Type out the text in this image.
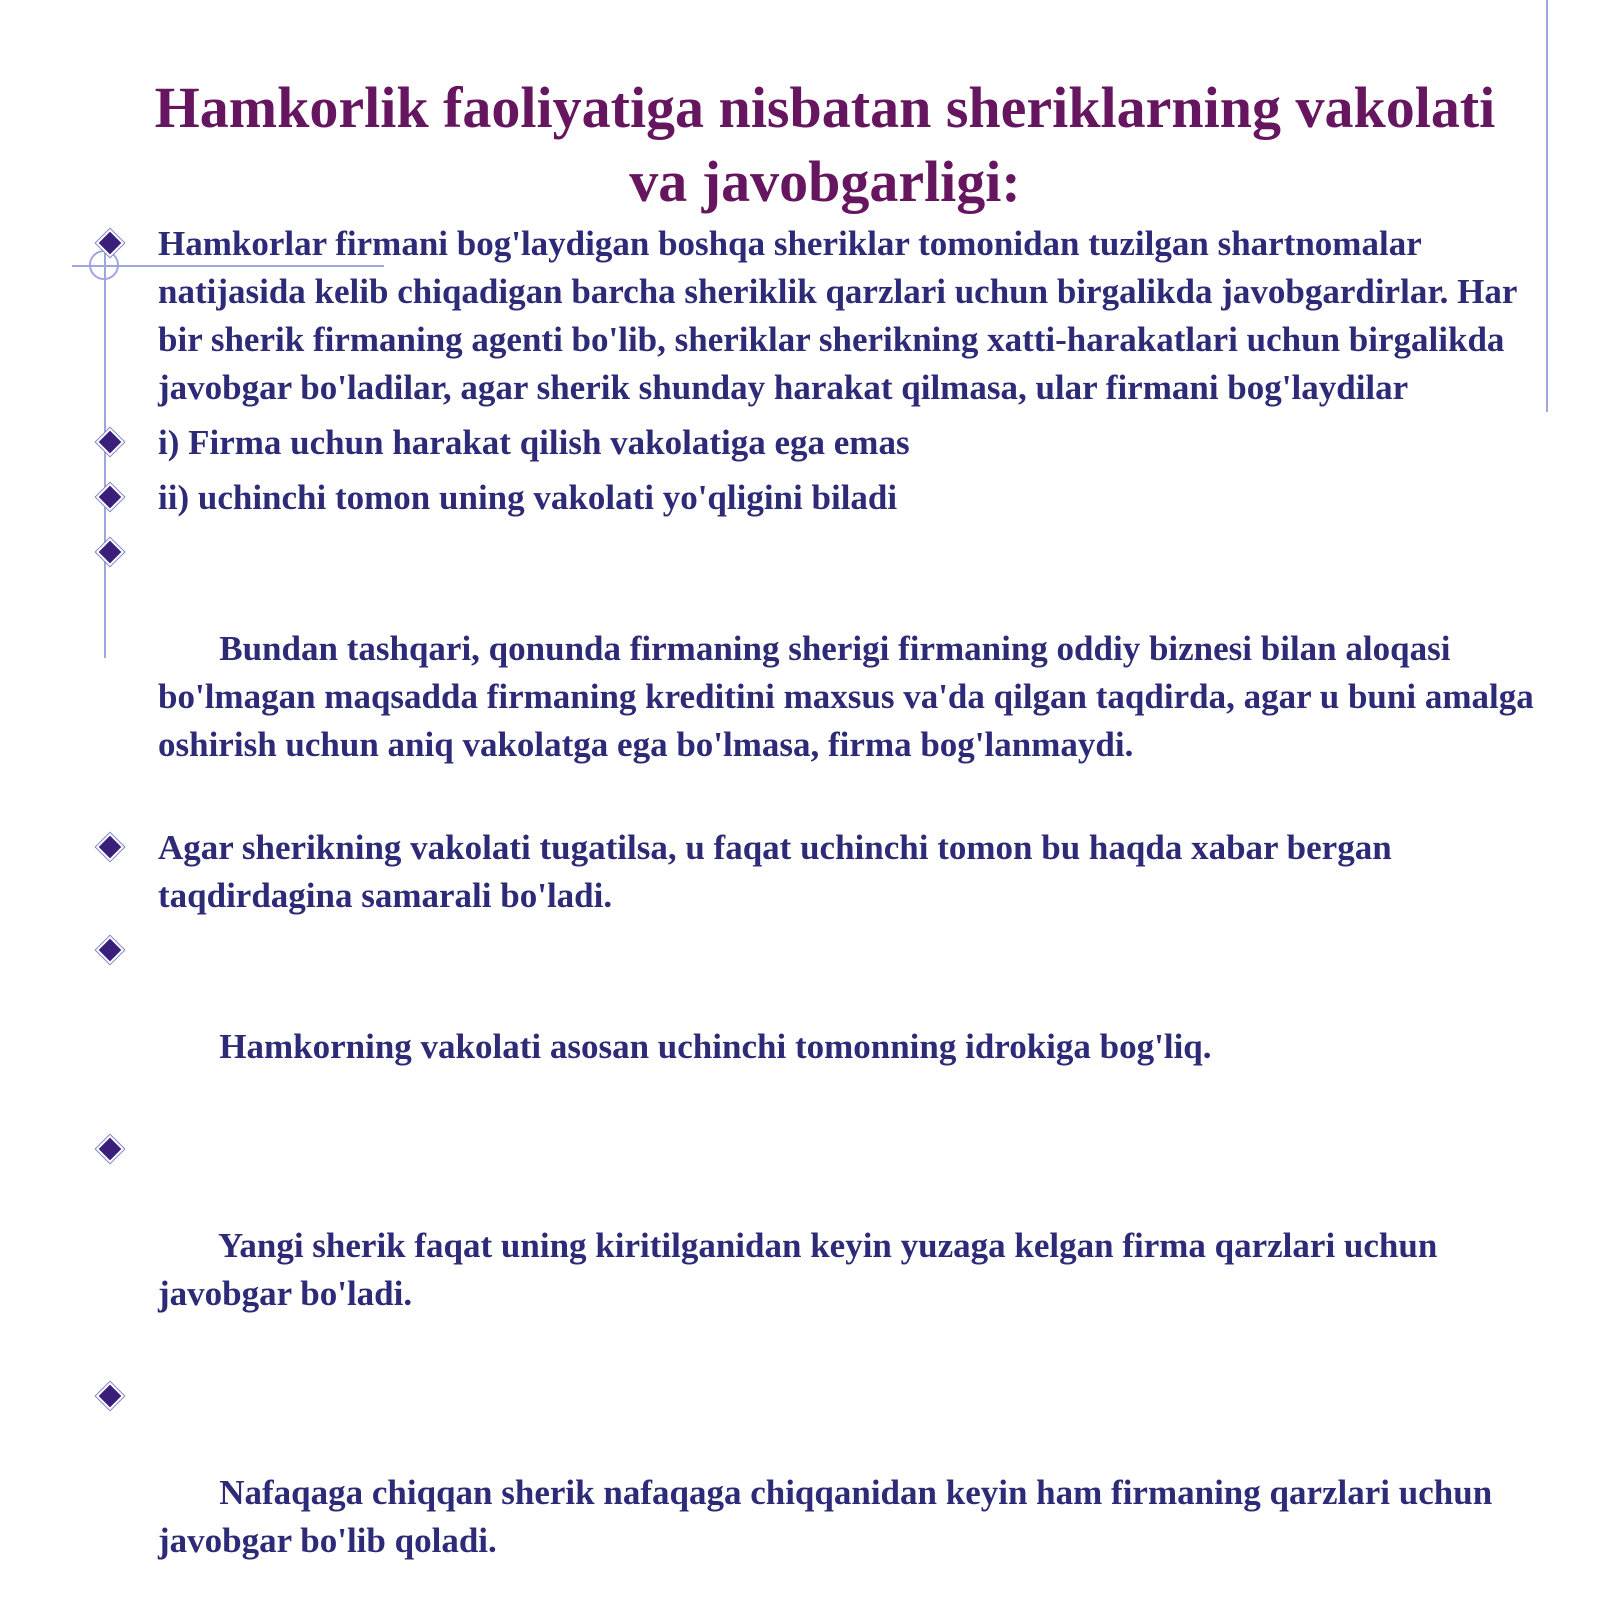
Hamkorlik faoliyatiga nisbatan sheriklarning vakolati
va javobgarligi:
Hamkorlar firmani bog'laydigan boshqa sheriklar tomonidan tuzilgan shartnomalar natijasida kelib chiqadigan barcha sheriklik qarzlari uchun birgalikda javobgardirlar. Har bir sherik firmaning agenti bo'lib, sheriklar sherikning xatti-harakatlari uchun birgalikda javobgar bo'ladilar, agar sherik shunday harakat qilmasa, ular firmani bog'laydilar
i) Firma uchun harakat qilish vakolatiga ega emas
ii) uchinchi tomon uning vakolati yo'qligini biladi

Bundan tashqari, qonunda firmaning sherigi firmaning oddiy biznesi bilan aloqasi bo'lmagan maqsadda firmaning kreditini maxsus va'da qilgan taqdirda, agar u buni amalga oshirish uchun aniq vakolatga ega bo'lmasa, firma bog'lanmaydi.

Agar sherikning vakolati tugatilsa, u faqat uchinchi tomon bu haqda xabar bergan taqdirdagina samarali bo'ladi.

Hamkorning vakolati asosan uchinchi tomonning idrokiga bog'liq.

Yangi sherik faqat uning kiritilganidan keyin yuzaga kelgan firma qarzlari uchun javobgar bo'ladi.

Nafaqaga chiqqan sherik nafaqaga chiqqanidan keyin ham firmaning qarzlari uchun javobgar bo'lib qoladi.
